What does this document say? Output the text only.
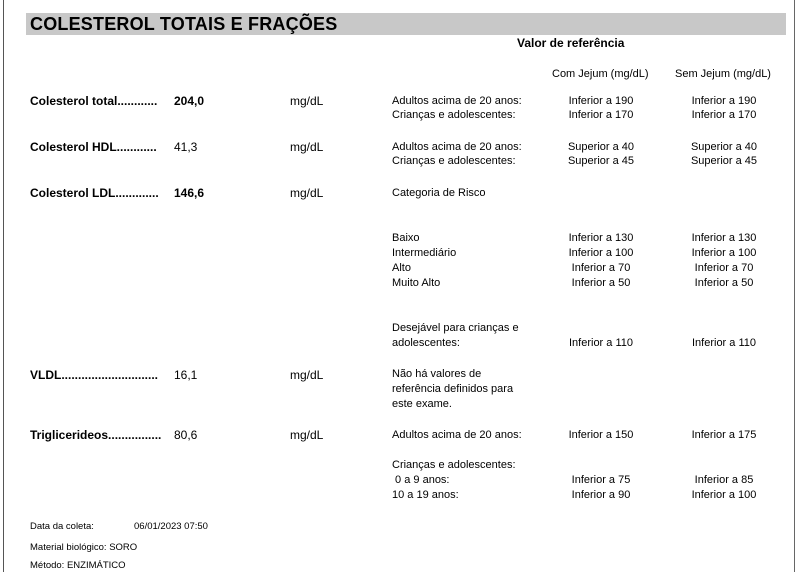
COLESTEROL TOTAIS E FRAÇÕES
Valor de referência
Com Jejum (mg/dL) Sem Jejum (mg/dL)
Colesterol total............ 204,0	mg/dL	Adultos acima de 20 anos:	Inferior a 190	Inferior a 190
Crianças e adolescentes:	Inferior a 170	Inferior a 170
Colesterol HDL............ 41,3	mg/dL	Adultos acima de 20 anos:	Superior a 40	Superior a 40
Crianças e adolescentes:	Superior a 45	Superior a 45
Colesterol LDL............. 146,6	mg/dL	Categoria de Risco
Baixo	Inferior a 130	Inferior a 130
Intermediário	Inferior a 100	Inferior a 100
Alto	Inferior a 70	Inferior a 70
Muito Alto	Inferior a 50	Inferior a 50
Desejável para crianças e
adolescentes:	Inferior a 110	Inferior a 110
VLDL............................. 16,1	mg/dL	Não há valores de
referência definidos para
este exame.
Triglicerideos................ 80,6	mg/dL	Adultos acima de 20 anos:	Inferior a 150	Inferior a 175
Crianças e adolescentes:
0 a 9 anos:	Inferior a 75	Inferior a 85
10 a 19 anos:	Inferior a 90	Inferior a 100
Data da coleta:	06/01/2023 07:50
Material biológico: SORO
Método: ENZIMÁTICO
